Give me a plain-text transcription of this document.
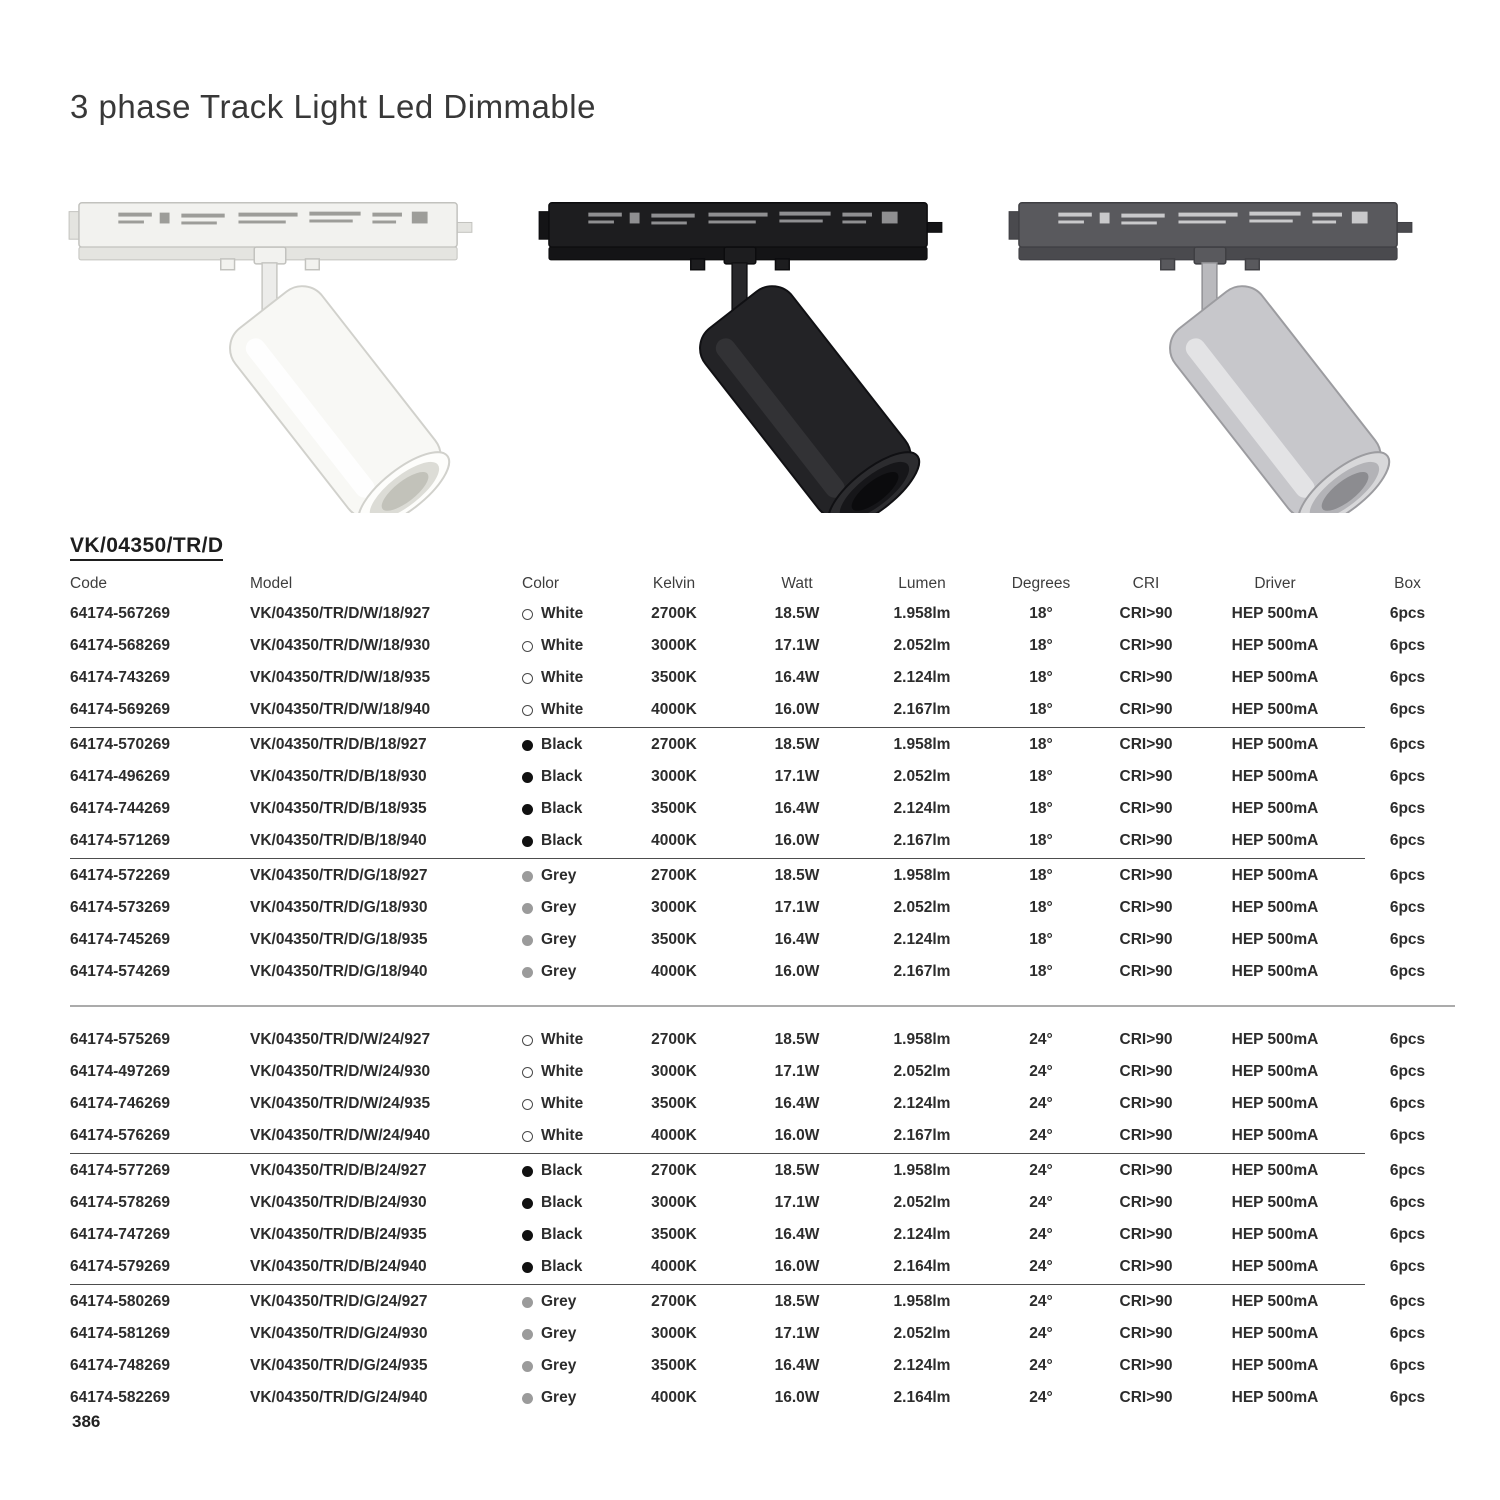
3 phase Track Light Led Dimmable
VK/04350/TR/D
Code	Model	Color	Kelvin	Watt	Lumen	Degrees	CRI	Driver	Box
64174-567269	VK/04350/TR/D/W/18/927	White	2700K	18.5W	1.958lm	18°	CRI>90	HEP 500mA	6pcs
64174-568269	VK/04350/TR/D/W/18/930	White	3000K	17.1W	2.052lm	18°	CRI>90	HEP 500mA	6pcs
64174-743269	VK/04350/TR/D/W/18/935	White	3500K	16.4W	2.124lm	18°	CRI>90	HEP 500mA	6pcs
64174-569269	VK/04350/TR/D/W/18/940	White	4000K	16.0W	2.167lm	18°	CRI>90	HEP 500mA	6pcs
64174-570269	VK/04350/TR/D/B/18/927	Black	2700K	18.5W	1.958lm	18°	CRI>90	HEP 500mA	6pcs
64174-496269	VK/04350/TR/D/B/18/930	Black	3000K	17.1W	2.052lm	18°	CRI>90	HEP 500mA	6pcs
64174-744269	VK/04350/TR/D/B/18/935	Black	3500K	16.4W	2.124lm	18°	CRI>90	HEP 500mA	6pcs
64174-571269	VK/04350/TR/D/B/18/940	Black	4000K	16.0W	2.167lm	18°	CRI>90	HEP 500mA	6pcs
64174-572269	VK/04350/TR/D/G/18/927	Grey	2700K	18.5W	1.958lm	18°	CRI>90	HEP 500mA	6pcs
64174-573269	VK/04350/TR/D/G/18/930	Grey	3000K	17.1W	2.052lm	18°	CRI>90	HEP 500mA	6pcs
64174-745269	VK/04350/TR/D/G/18/935	Grey	3500K	16.4W	2.124lm	18°	CRI>90	HEP 500mA	6pcs
64174-574269	VK/04350/TR/D/G/18/940	Grey	4000K	16.0W	2.167lm	18°	CRI>90	HEP 500mA	6pcs
64174-575269	VK/04350/TR/D/W/24/927	White	2700K	18.5W	1.958lm	24°	CRI>90	HEP 500mA	6pcs
64174-497269	VK/04350/TR/D/W/24/930	White	3000K	17.1W	2.052lm	24°	CRI>90	HEP 500mA	6pcs
64174-746269	VK/04350/TR/D/W/24/935	White	3500K	16.4W	2.124lm	24°	CRI>90	HEP 500mA	6pcs
64174-576269	VK/04350/TR/D/W/24/940	White	4000K	16.0W	2.167lm	24°	CRI>90	HEP 500mA	6pcs
64174-577269	VK/04350/TR/D/B/24/927	Black	2700K	18.5W	1.958lm	24°	CRI>90	HEP 500mA	6pcs
64174-578269	VK/04350/TR/D/B/24/930	Black	3000K	17.1W	2.052lm	24°	CRI>90	HEP 500mA	6pcs
64174-747269	VK/04350/TR/D/B/24/935	Black	3500K	16.4W	2.124lm	24°	CRI>90	HEP 500mA	6pcs
64174-579269	VK/04350/TR/D/B/24/940	Black	4000K	16.0W	2.164lm	24°	CRI>90	HEP 500mA	6pcs
64174-580269	VK/04350/TR/D/G/24/927	Grey	2700K	18.5W	1.958lm	24°	CRI>90	HEP 500mA	6pcs
64174-581269	VK/04350/TR/D/G/24/930	Grey	3000K	17.1W	2.052lm	24°	CRI>90	HEP 500mA	6pcs
64174-748269	VK/04350/TR/D/G/24/935	Grey	3500K	16.4W	2.124lm	24°	CRI>90	HEP 500mA	6pcs
64174-582269	VK/04350/TR/D/G/24/940	Grey	4000K	16.0W	2.164lm	24°	CRI>90	HEP 500mA	6pcs
386
